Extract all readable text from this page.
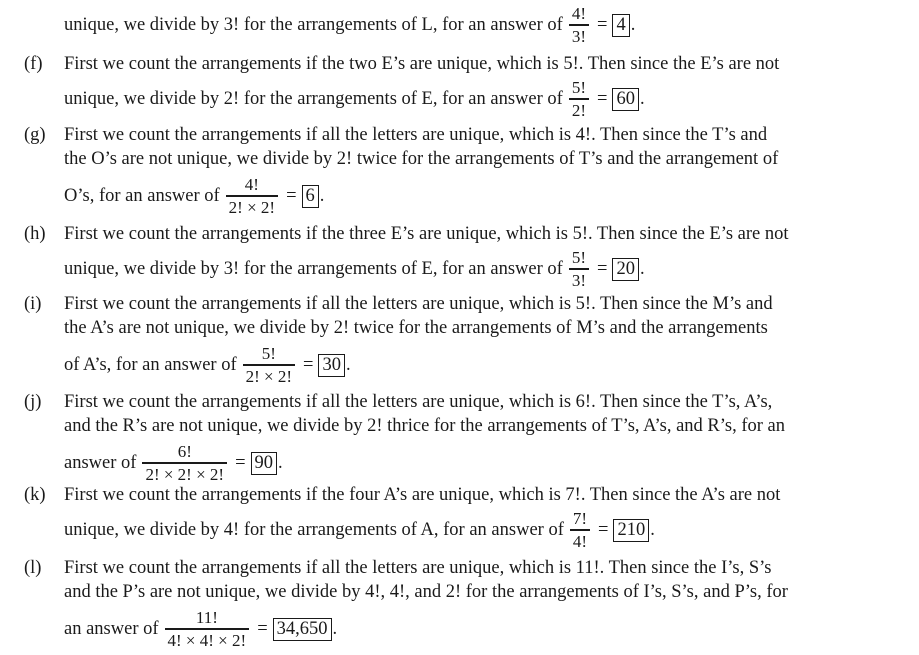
unique, we divide by 3! for the arrangements of L, for an answer of $\frac{4!}{3!} = 4$ .
(f) First we count the arrangements if the two E’s are unique, which is 5!. Then since the E’s are not
unique, we divide by 2! for the arrangements of E, for an answer of $\frac{5!}{2!} = 60$ .
(g) First we count the arrangements if all the letters are unique, which is 4!. Then since the T’s and
the O’s are not unique, we divide by 2! twice for the arrangements of T’s and the arrangement of
O’s, for an answer of $\frac{4!}{2! \times 2!} = 6$ .
(h) First we count the arrangements if the three E’s are unique, which is 5!. Then since the E’s are not
unique, we divide by 3! for the arrangements of E, for an answer of $\frac{5!}{3!} = 20$ .
(i) First we count the arrangements if all the letters are unique, which is 5!. Then since the M’s and
the A’s are not unique, we divide by 2! twice for the arrangements of M’s and the arrangements
of A’s, for an answer of $\frac{5!}{2! \times 2!} = 30$ .
(j) First we count the arrangements if all the letters are unique, which is 6!. Then since the T’s, A’s,
and the R’s are not unique, we divide by 2! thrice for the arrangements of T’s, A’s, and R’s, for an
answer of $\frac{6!}{2! \times 2! \times 2!} = 90$ .
(k) First we count the arrangements if the four A’s are unique, which is 7!. Then since the A’s are not
unique, we divide by 4! for the arrangements of A, for an answer of $\frac{7!}{4!} = 210$ .
(l) First we count the arrangements if all the letters are unique, which is 11!. Then since the I’s, S’s
and the P’s are not unique, we divide by 4!, 4!, and 2! for the arrangements of I’s, S’s, and P’s, for
an answer of $\frac{11!}{4! \times 4! \times 2!} = 34,650$ .
